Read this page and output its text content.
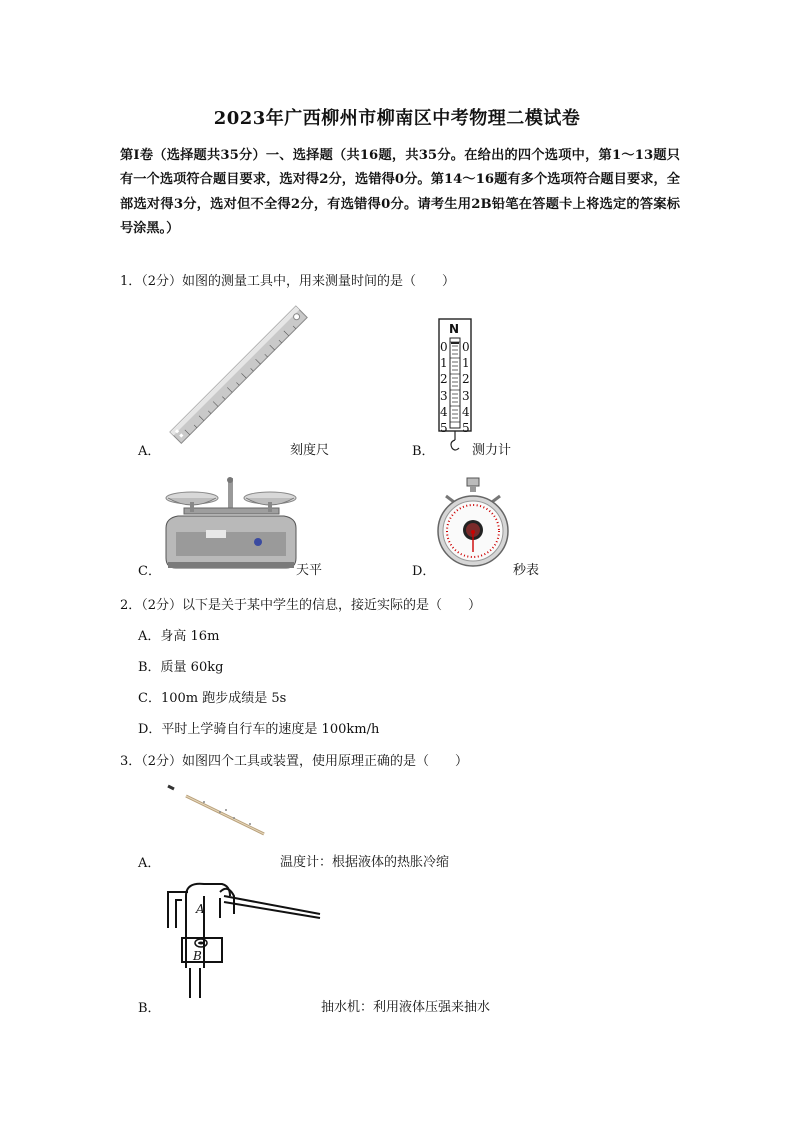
2023年广西柳州市柳南区中考物理二模试卷
第Ⅰ卷（选择题共35分）一、选择题（共16题，共35分。在给出的四个选项中，第1～13题只有一个选项符合题目要求，选对得2分，选错得0分。第14～16题有多个选项符合题目要求，全部选对得3分，选对但不全得2分，有选错得0分。请考生用2B铅笔在答题卡上将选定的答案标号涂黑。）
1．（2分）如图的测量工具中，用来测量时间的是（　　）
A．	刻度尺
N
0
1
2
3
4
5
0
1
2
3
4
5
B．	测力计
C．	天平	D．	秒表
2．（2分）以下是关于某中学生的信息，接近实际的是（　　）
A．身高 16m
B．质量 60kg
C．100m 跑步成绩是 5s
D．平时上学骑自行车的速度是 100km/h
3．（2分）如图四个工具或装置，使用原理正确的是（　　）
A．	温度计：根据液体的热胀冷缩
A
B
B．	抽水机：利用液体压强来抽水
